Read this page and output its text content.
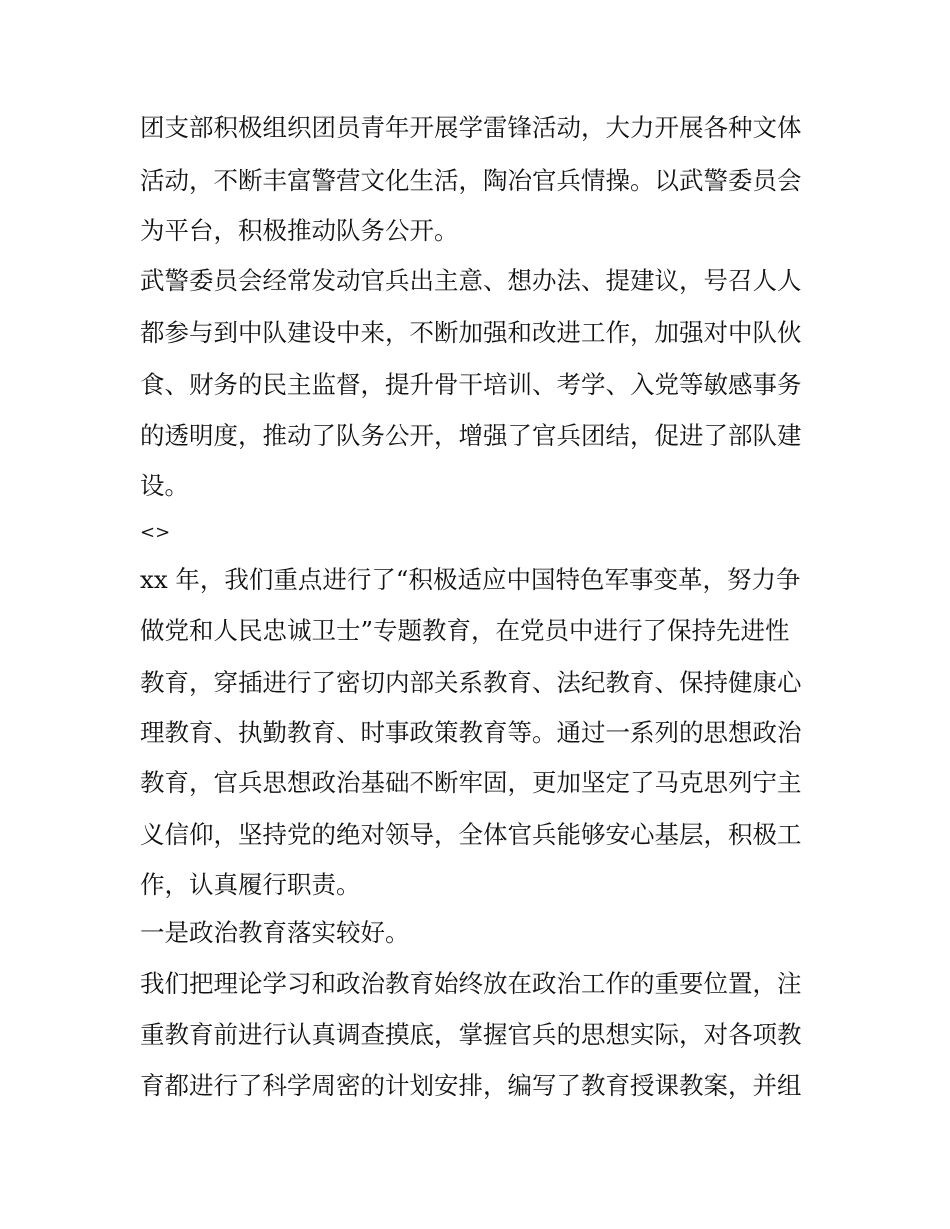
团支部积极组织团员青年开展学雷锋活动，大力开展各种文体
活动，不断丰富警营文化生活，陶冶官兵情操。以武警委员会
为平台，积极推动队务公开。
武警委员会经常发动官兵出主意、想办法、提建议，号召人人
都参与到中队建设中来，不断加强和改进工作，加强对中队伙
食、财务的民主监督，提升骨干培训、考学、入党等敏感事务
的透明度，推动了队务公开，增强了官兵团结，促进了部队建
设。
<>
xx 年，我们重点进行了“积极适应中国特色军事变革，努力争
做党和人民忠诚卫士”专题教育，在党员中进行了保持先进性
教育，穿插进行了密切内部关系教育、法纪教育、保持健康心
理教育、执勤教育、时事政策教育等。通过一系列的思想政治
教育，官兵思想政治基础不断牢固，更加坚定了马克思列宁主
义信仰，坚持党的绝对领导，全体官兵能够安心基层，积极工
作，认真履行职责。
一是政治教育落实较好。
我们把理论学习和政治教育始终放在政治工作的重要位置，注
重教育前进行认真调查摸底，掌握官兵的思想实际，对各项教
育都进行了科学周密的计划安排，编写了教育授课教案，并组
